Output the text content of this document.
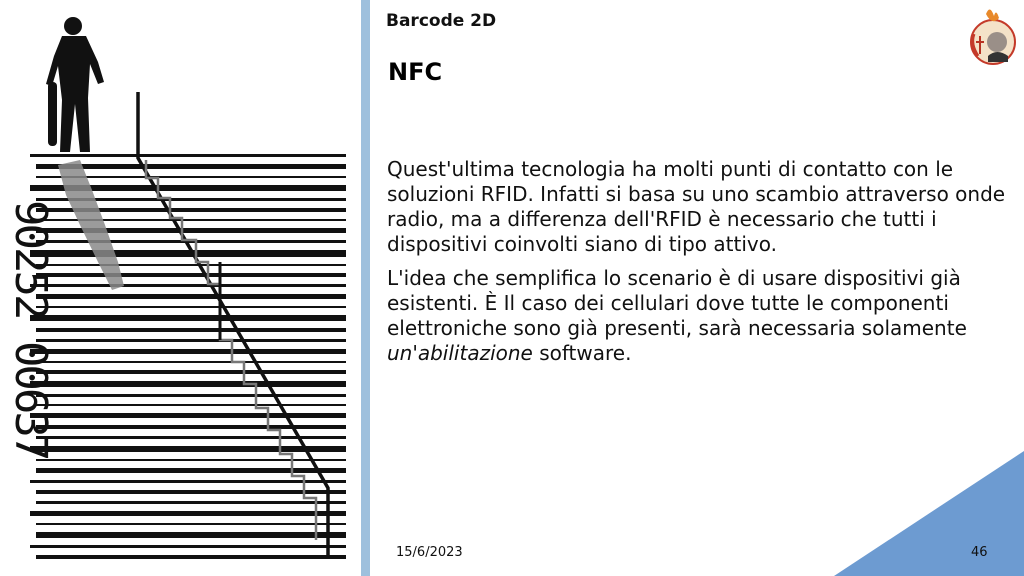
90252 00637
Barcode 2D
NFC

Quest'ultima tecnologia ha molti punti di contatto con le soluzioni RFID. Infatti si basa su uno scambio attraverso onde radio, ma a differenza dell'RFID è necessario che tutti i dispositivi coinvolti siano di tipo attivo.

L'idea che semplifica lo scenario è di usare dispositivi già esistenti. È Il caso dei cellulari dove tutte le componenti elettroniche sono già presenti, sarà necessaria solamente un'abilitazione software.

15/6/2023	46
